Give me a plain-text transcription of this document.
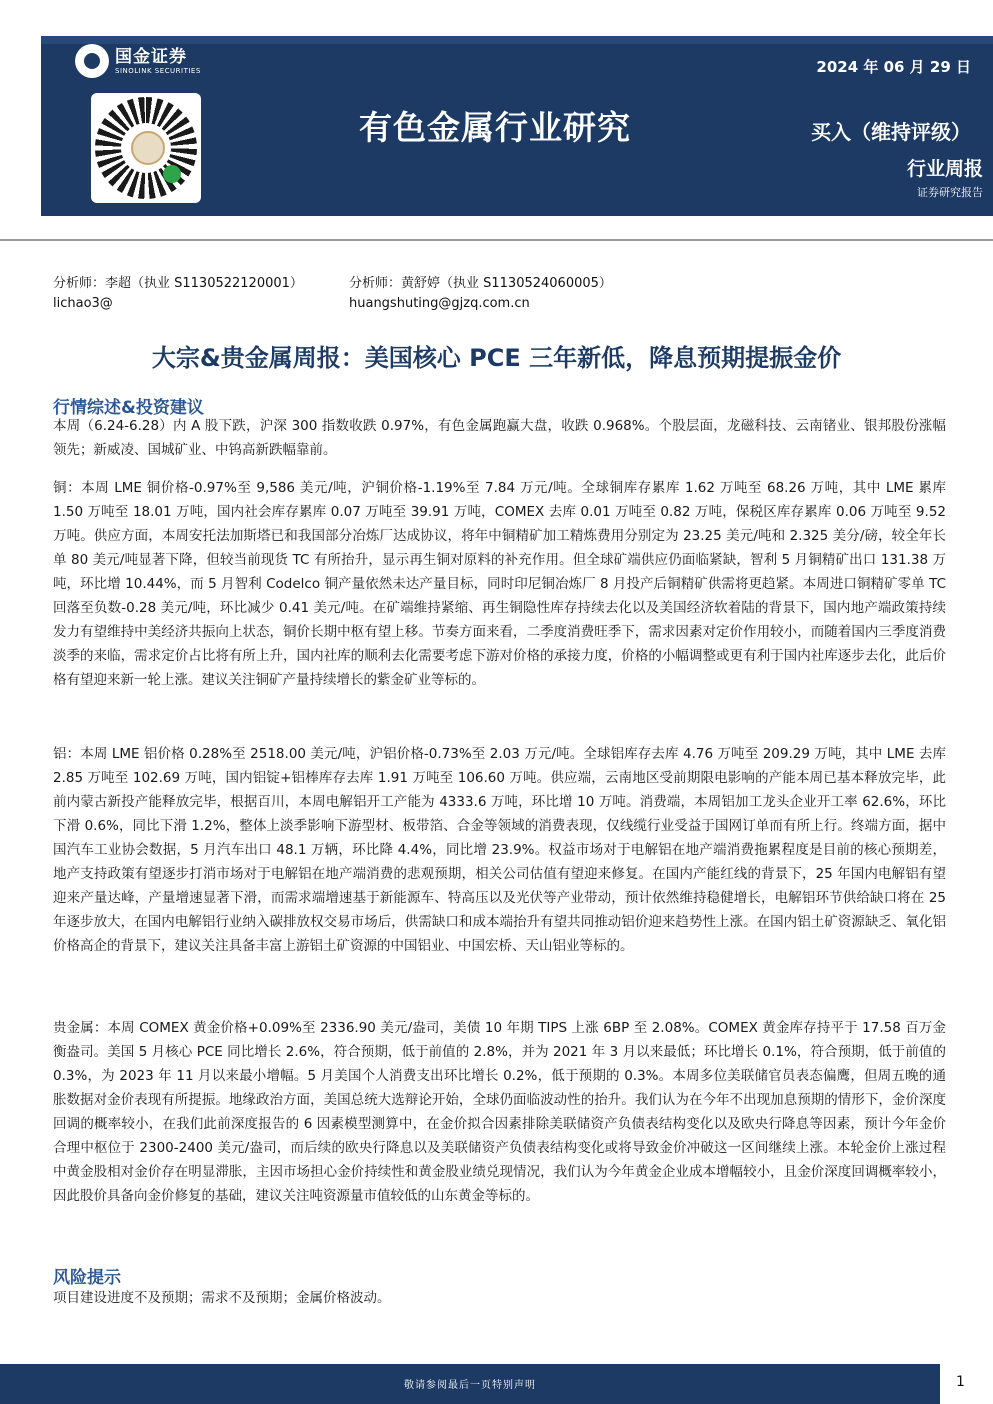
国金证券
SINOLINK SECURITIES
有色金属行业研究
2024 年 06 月 29 日
买入（维持评级）
行业周报
证券研究报告
分析师：李超（执业 S1130522120001）
lichao3@
分析师：黄舒婷（执业 S1130524060005）
huangshuting@gjzq.com.cn
大宗&贵金属周报：美国核心 PCE 三年新低，降息预期提振金价
行情综述&投资建议
本周（6.24-6.28）内 A 股下跌，沪深 300 指数收跌 0.97%，有色金属跑赢大盘，收跌 0.968%。个股层面，龙磁科技、云南锗业、银邦股份涨幅领先；新威凌、国城矿业、中钨高新跌幅靠前。
铜：本周 LME 铜价格-0.97%至 9,586 美元/吨，沪铜价格-1.19%至 7.84 万元/吨。全球铜库存累库 1.62 万吨至 68.26 万吨，其中 LME 累库 1.50 万吨至 18.01 万吨，国内社会库存累库 0.07 万吨至 39.91 万吨，COMEX 去库 0.01 万吨至 0.82 万吨，保税区库存累库 0.06 万吨至 9.52 万吨。供应方面，本周安托法加斯塔已和我国部分冶炼厂达成协议，将年中铜精矿加工精炼费用分别定为 23.25 美元/吨和 2.325 美分/磅，较全年长单 80 美元/吨显著下降，但较当前现货 TC 有所抬升，显示再生铜对原料的补充作用。但全球矿端供应仍面临紧缺，智利 5 月铜精矿出口 131.38 万吨，环比增 10.44%，而 5 月智利 Codelco 铜产量依然未达产量目标，同时印尼铜冶炼厂 8 月投产后铜精矿供需将更趋紧。本周进口铜精矿零单 TC 回落至负数-0.28 美元/吨，环比减少 0.41 美元/吨。在矿端维持紧缩、再生铜隐性库存持续去化以及美国经济软着陆的背景下，国内地产端政策持续发力有望维持中美经济共振向上状态，铜价长期中枢有望上移。节奏方面来看，二季度消费旺季下，需求因素对定价作用较小，而随着国内三季度消费淡季的来临，需求定价占比将有所上升，国内社库的顺利去化需要考虑下游对价格的承接力度，价格的小幅调整或更有利于国内社库逐步去化，此后价格有望迎来新一轮上涨。建议关注铜矿产量持续增长的紫金矿业等标的。
铝：本周 LME 铝价格 0.28%至 2518.00 美元/吨，沪铝价格-0.73%至 2.03 万元/吨。全球铝库存去库 4.76 万吨至 209.29 万吨，其中 LME 去库 2.85 万吨至 102.69 万吨，国内铝锭+铝棒库存去库 1.91 万吨至 106.60 万吨。供应端，云南地区受前期限电影响的产能本周已基本释放完毕，此前内蒙古新投产能释放完毕，根据百川，本周电解铝开工产能为 4333.6 万吨，环比增 10 万吨。消费端，本周铝加工龙头企业开工率 62.6%，环比下滑 0.6%，同比下滑 1.2%，整体上淡季影响下游型材、板带箔、合金等领域的消费表现，仅线缆行业受益于国网订单而有所上行。终端方面，据中国汽车工业协会数据，5 月汽车出口 48.1 万辆，环比降 4.4%，同比增 23.9%。权益市场对于电解铝在地产端消费拖累程度是目前的核心预期差，地产支持政策有望逐步打消市场对于电解铝在地产端消费的悲观预期，相关公司估值有望迎来修复。在国内产能红线的背景下，25 年国内电解铝有望迎来产量达峰，产量增速显著下滑，而需求端增速基于新能源车、特高压以及光伏等产业带动，预计依然维持稳健增长，电解铝环节供给缺口将在 25 年逐步放大，在国内电解铝行业纳入碳排放权交易市场后，供需缺口和成本端抬升有望共同推动铝价迎来趋势性上涨。在国内铝土矿资源缺乏、氧化铝价格高企的背景下，建议关注具备丰富上游铝土矿资源的中国铝业、中国宏桥、天山铝业等标的。
贵金属：本周 COMEX 黄金价格+0.09%至 2336.90 美元/盎司，美债 10 年期 TIPS 上涨 6BP 至 2.08%。COMEX 黄金库存持平于 17.58 百万金衡盎司。美国 5 月核心 PCE 同比增长 2.6%，符合预期，低于前值的 2.8%，并为 2021 年 3 月以来最低；环比增长 0.1%，符合预期，低于前值的 0.3%，为 2023 年 11 月以来最小增幅。5 月美国个人消费支出环比增长 0.2%，低于预期的 0.3%。本周多位美联储官员表态偏鹰，但周五晚的通胀数据对金价表现有所提振。地缘政治方面，美国总统大选辩论开始，全球仍面临波动性的抬升。我们认为在今年不出现加息预期的情形下，金价深度回调的概率较小，在我们此前深度报告的 6 因素模型测算中，在金价拟合因素排除美联储资产负债表结构变化以及欧央行降息等因素，预计今年金价合理中枢位于 2300-2400 美元/盎司，而后续的欧央行降息以及美联储资产负债表结构变化或将导致金价冲破这一区间继续上涨。本轮金价上涨过程中黄金股相对金价存在明显滞胀，主因市场担心金价持续性和黄金股业绩兑现情况，我们认为今年黄金企业成本增幅较小，且金价深度回调概率较小，因此股价具备向金价修复的基础，建议关注吨资源量市值较低的山东黄金等标的。
风险提示
项目建设进度不及预期；需求不及预期；金属价格波动。
敬请参阅最后一页特别声明	1
